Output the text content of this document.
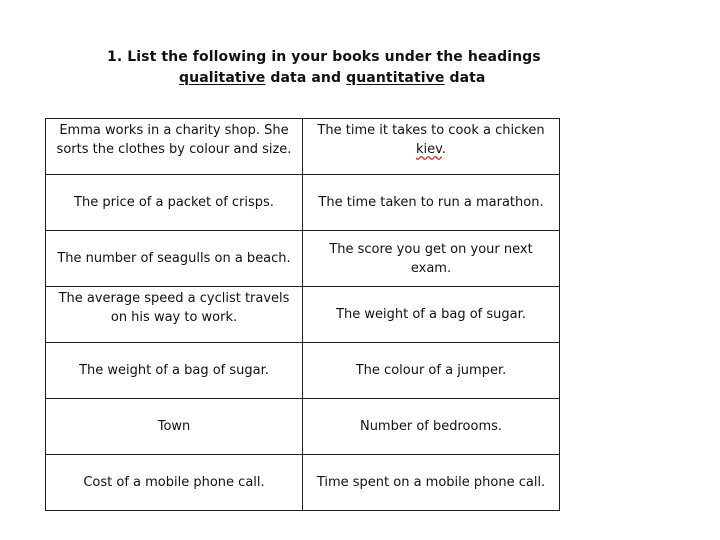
1. List the following in your books under the headings
qualitative data and quantitative data
Emma works in a charity shop. She sorts the clothes by colour and size.	The time it takes to cook a chicken kiev.
The price of a packet of crisps.	The time taken to run a marathon.
The number of seagulls on a beach.	The score you get on your next exam.
The average speed a cyclist travels on his way to work.	The weight of a bag of sugar.
The weight of a bag of sugar.	The colour of a jumper.
Town	Number of bedrooms.
Cost of a mobile phone call.	Time spent on a mobile phone call.
